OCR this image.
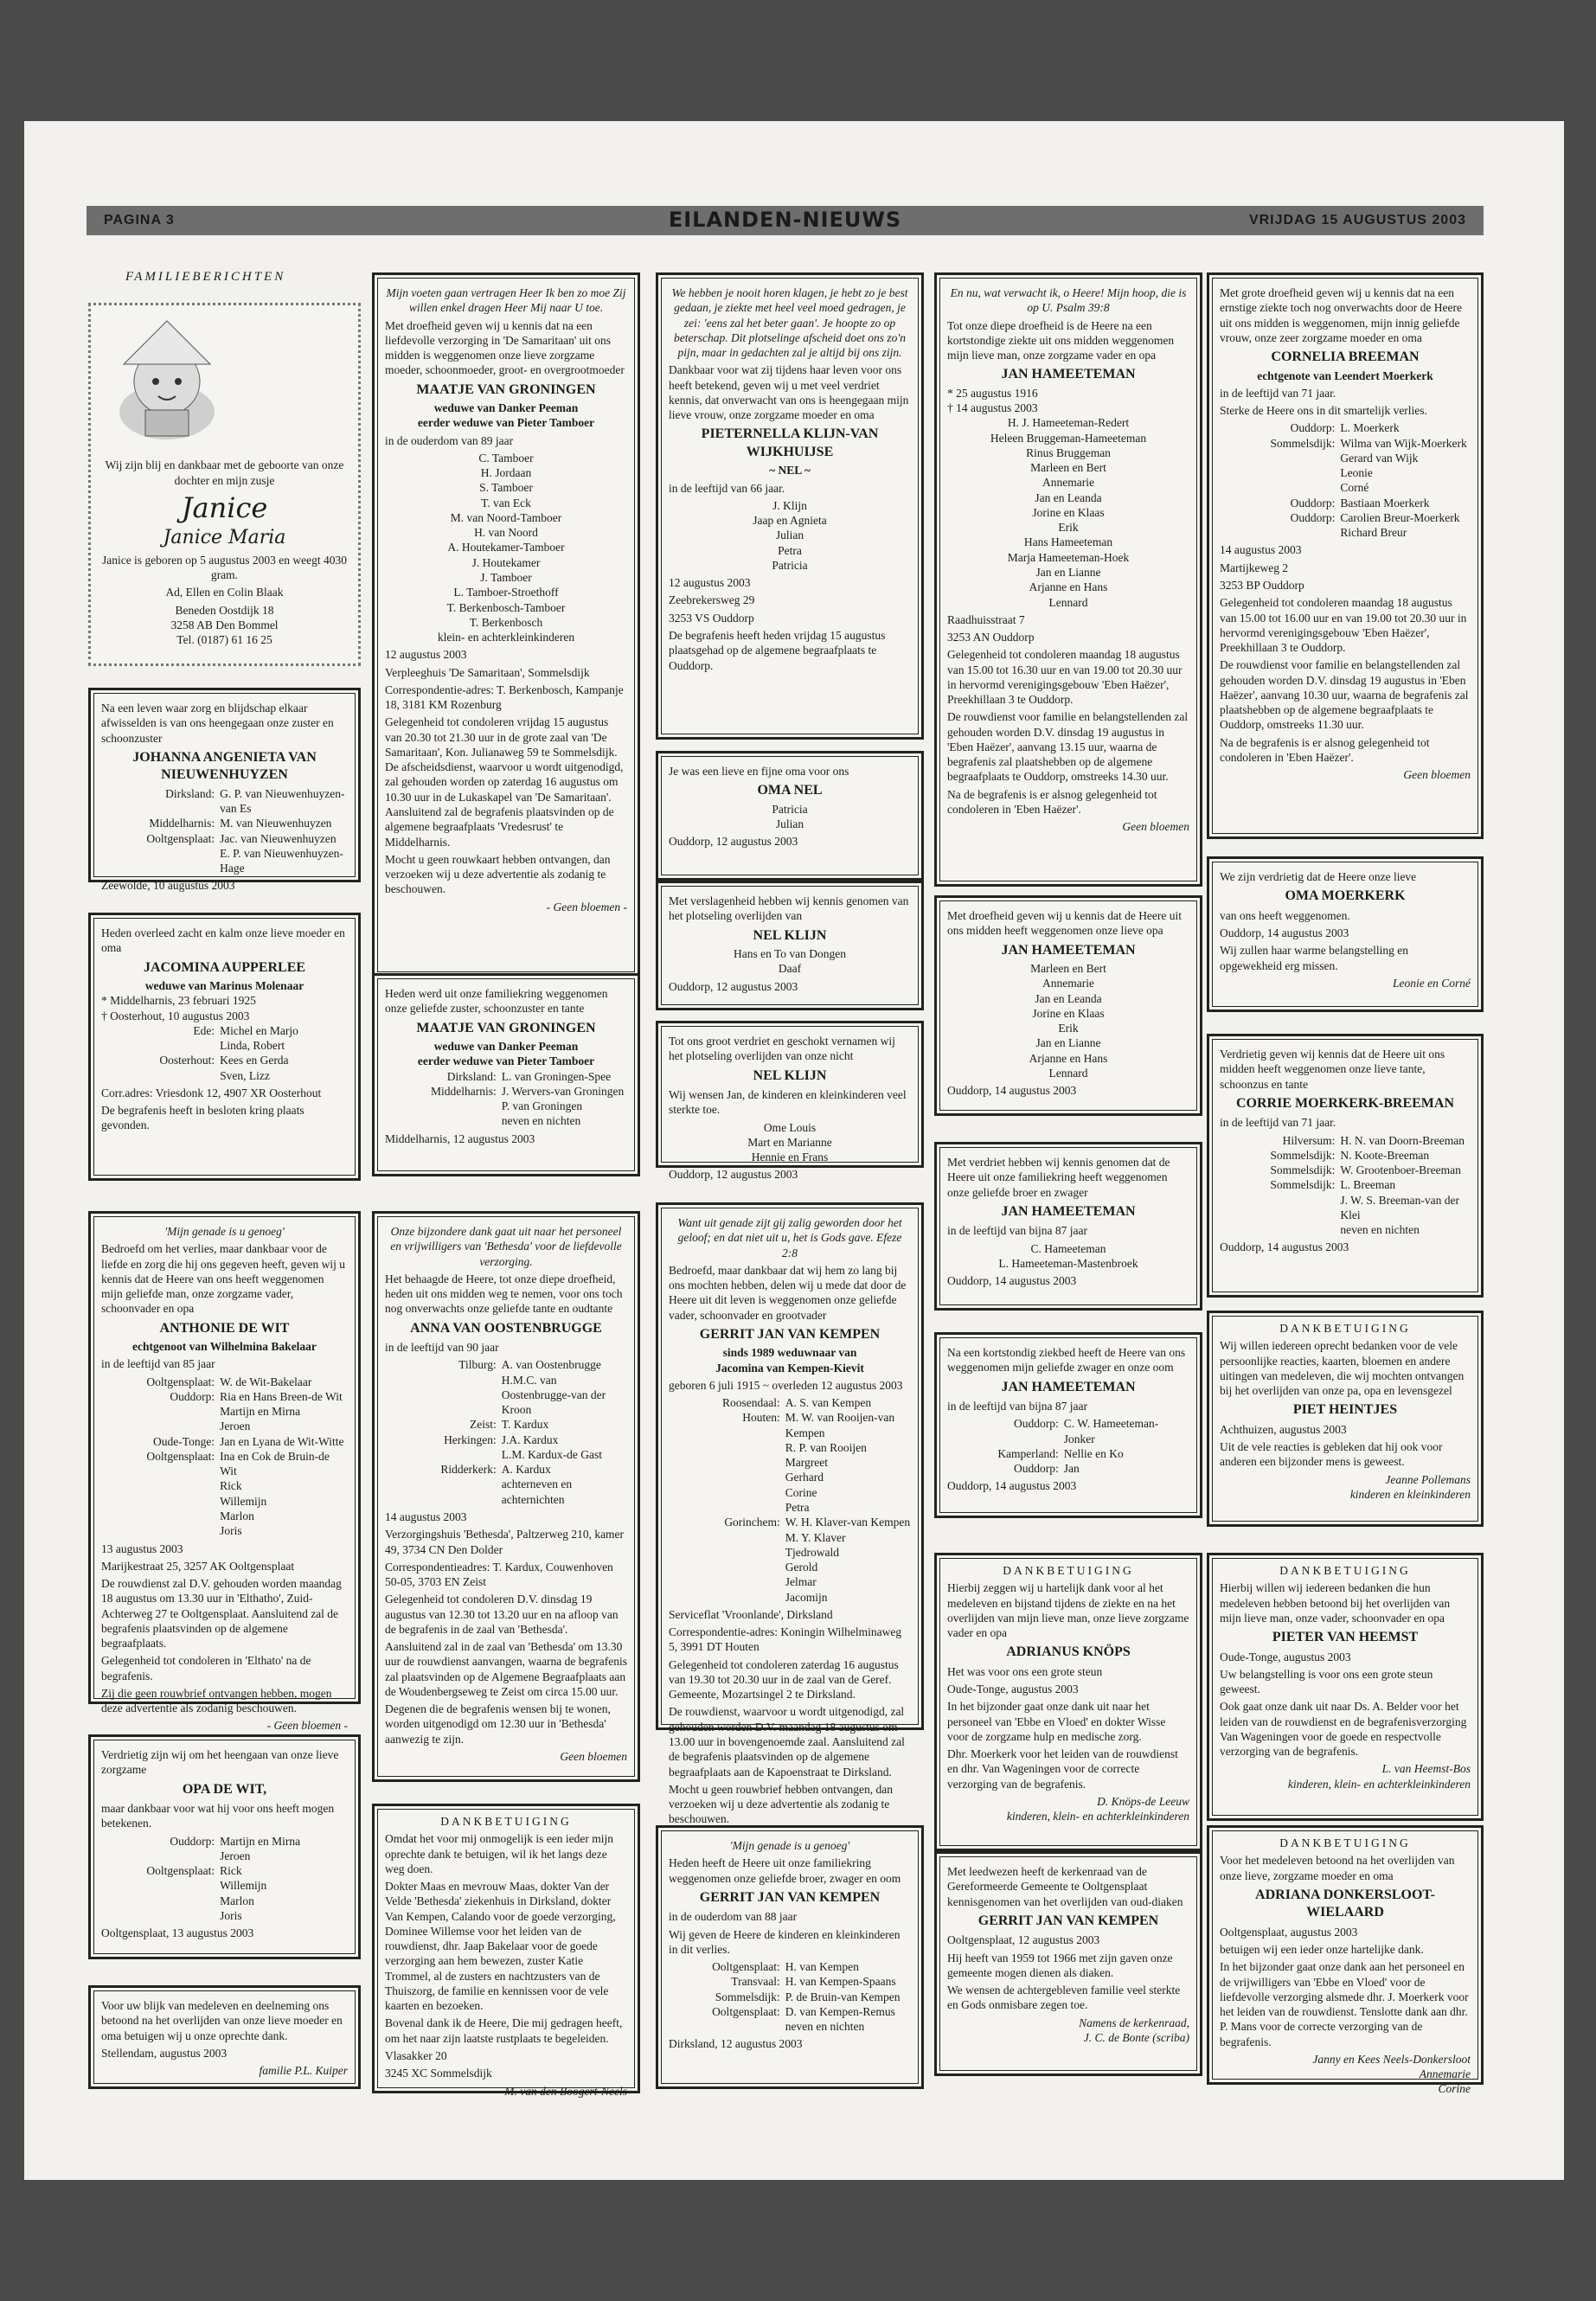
PAGINA 3	EILANDEN-NIEUWS	VRIJDAG 15 AUGUSTUS 2003
FAMILIEBERICHTEN
Wij zijn blij en dankbaar met de geboorte van onze dochter en mijn zusje
Janice
Janice Maria
Janice is geboren op 5 augustus 2003 en weegt 4030 gram.
Ad, Ellen en Colin Blaak
Beneden Oostdijk 18
3258 AB Den Bommel
Tel. (0187) 61 16 25
Na een leven waar zorg en blijdschap elkaar afwisselden is van ons heengegaan onze zuster en schoonzuster
JOHANNA ANGENIETA VAN NIEUWENHUYZEN
Dirksland: G. P. van Nieuwenhuyzen-van Es
Middelharnis: M. van Nieuwenhuyzen
Ooltgensplaat: Jac. van Nieuwenhuyzen
E. P. van Nieuwenhuyzen-Hage
Zeewolde, 10 augustus 2003
Heden overleed zacht en kalm onze lieve moeder en oma
JACOMINA AUPPERLEE
weduwe van Marinus Molenaar
* Middelharnis, 23 februari 1925
† Oosterhout, 10 augustus 2003
Ede: Michel en Marjo
Linda, Robert
Oosterhout: Kees en Gerda
Sven, Lizz
Corr.adres: Vriesdonk 12, 4907 XR Oosterhout
De begrafenis heeft in besloten kring plaats gevonden.
'Mijn genade is u genoeg'
Bedroefd om het verlies, maar dankbaar voor de liefde en zorg die hij ons gegeven heeft, geven wij u kennis dat de Heere van ons heeft weggenomen mijn geliefde man, onze zorgzame vader, schoonvader en opa
ANTHONIE DE WIT
echtgenoot van Wilhelmina Bakelaar
in de leeftijd van 85 jaar
Ooltgensplaat: W. de Wit-Bakelaar
Ouddorp: Ria en Hans Breen-de Wit
Martijn en Mirna
Jeroen
Oude-Tonge: Jan en Lyana de Wit-Witte
Ooltgensplaat: Ina en Cok de Bruin-de Wit
Rick
Willemijn
Marlon
Joris
13 augustus 2003
Marijkestraat 25, 3257 AK Ooltgensplaat
De rouwdienst zal D.V. gehouden worden maandag 18 augustus om 13.30 uur in 'Elthatho', Zuid-Achterweg 27 te Ooltgensplaat. Aansluitend zal de begrafenis plaatsvinden op de algemene begraafplaats.
Gelegenheid tot condoleren in 'Elthato' na de begrafenis.
Zij die geen rouwbrief ontvangen hebben, mogen deze advertentie als zodanig beschouwen.
- Geen bloemen -
Verdrietig zijn wij om het heengaan van onze lieve zorgzame
OPA DE WIT,
maar dankbaar voor wat hij voor ons heeft mogen betekenen.
Ouddorp: Martijn en Mirna
Jeroen
Ooltgensplaat: Rick
Willemijn
Marlon
Joris
Ooltgensplaat, 13 augustus 2003
Voor uw blijk van medeleven en deelneming ons betoond na het overlijden van onze lieve moeder en oma betuigen wij u onze oprechte dank.
Stellendam, augustus 2003
familie P.L. Kuiper
Mijn voeten gaan vertragen Heer Ik ben zo moe Zij willen enkel dragen Heer Mij naar U toe.
Met droefheid geven wij u kennis dat na een liefdevolle verzorging in 'De Samaritaan' uit ons midden is weggenomen onze lieve zorgzame moeder, schoonmoeder, groot- en overgrootmoeder
MAATJE VAN GRONINGEN
weduwe van Danker Peeman
eerder weduwe van Pieter Tamboer
in de ouderdom van 89 jaar
C. Tamboer
H. Jordaan
S. Tamboer
T. van Eck
M. van Noord-Tamboer
H. van Noord
A. Houtekamer-Tamboer
J. Houtekamer
J. Tamboer
L. Tamboer-Stroethoff
T. Berkenbosch-Tamboer
T. Berkenbosch
klein- en achterkleinkinderen
12 augustus 2003
Verpleeghuis 'De Samaritaan', Sommelsdijk
Correspondentie-adres: T. Berkenbosch, Kampanje 18, 3181 KM Rozenburg
Gelegenheid tot condoleren vrijdag 15 augustus van 20.30 tot 21.30 uur in de grote zaal van 'De Samaritaan', Kon. Julianaweg 59 te Sommelsdijk. De afscheidsdienst, waarvoor u wordt uitgenodigd, zal gehouden worden op zaterdag 16 augustus om 10.30 uur in de Lukaskapel van 'De Samaritaan'. Aansluitend zal de begrafenis plaatsvinden op de algemene begraafplaats 'Vredesrust' te Middelharnis.
Mocht u geen rouwkaart hebben ontvangen, dan verzoeken wij u deze advertentie als zodanig te beschouwen.
- Geen bloemen -
Heden werd uit onze familiekring weggenomen onze geliefde zuster, schoonzuster en tante
MAATJE VAN GRONINGEN
weduwe van Danker Peeman
eerder weduwe van Pieter Tamboer
Dirksland: L. van Groningen-Spee
Middelharnis: J. Wervers-van Groningen
P. van Groningen
neven en nichten
Middelharnis, 12 augustus 2003
Onze bijzondere dank gaat uit naar het personeel en vrijwilligers van 'Bethesda' voor de liefdevolle verzorging.
Het behaagde de Heere, tot onze diepe droefheid, heden uit ons midden weg te nemen, voor ons toch nog onverwachts onze geliefde tante en oudtante
ANNA VAN OOSTENBRUGGE
in de leeftijd van 90 jaar
Tilburg: A. van Oostenbrugge
H.M.C. van Oostenbrugge-van der Kroon
Zeist: T. Kardux
Herkingen: J.A. Kardux
L.M. Kardux-de Gast
Ridderkerk: A. Kardux
achterneven en achternichten
14 augustus 2003
Verzorgingshuis 'Bethesda', Paltzerweg 210, kamer 49, 3734 CN Den Dolder
Correspondentieadres: T. Kardux, Couwenhoven 50-05, 3703 EN Zeist
Gelegenheid tot condoleren D.V. dinsdag 19 augustus van 12.30 tot 13.20 uur en na afloop van de begrafenis in de zaal van 'Bethesda'.
Aansluitend zal in de zaal van 'Bethesda' om 13.30 uur de rouwdienst aanvangen, waarna de begrafenis zal plaatsvinden op de Algemene Begraafplaats aan de Woudenbergseweg te Zeist om circa 15.00 uur.
Degenen die de begrafenis wensen bij te wonen, worden uitgenodigd om 12.30 uur in 'Bethesda' aanwezig te zijn.
Geen bloemen
DANKBETUIGING
Omdat het voor mij onmogelijk is een ieder mijn oprechte dank te betuigen, wil ik het langs deze weg doen.
Dokter Maas en mevrouw Maas, dokter Van der Velde 'Bethesda' ziekenhuis in Dirksland, dokter Van Kempen, Calando voor de goede verzorging, Dominee Willemse voor het leiden van de rouwdienst, dhr. Jaap Bakelaar voor de goede verzorging aan hem bewezen, zuster Katie Trommel, al de zusters en nachtzusters van de Thuiszorg, de familie en kennissen voor de vele kaarten en bezoeken.
Bovenal dank ik de Heere, Die mij gedragen heeft, om het naar zijn laatste rustplaats te begeleiden.
Vlasakker 20
3245 XC Sommelsdijk
M. van den Boogert-Neels
We hebben je nooit horen klagen, je hebt zo je best gedaan, je ziekte met heel veel moed gedragen, je zei: 'eens zal het beter gaan'. Je hoopte zo op beterschap. Dit plotselinge afscheid doet ons zo'n pijn, maar in gedachten zal je altijd bij ons zijn.
Dankbaar voor wat zij tijdens haar leven voor ons heeft betekend, geven wij u met veel verdriet kennis, dat onverwacht van ons is heengegaan mijn lieve vrouw, onze zorgzame moeder en oma
PIETERNELLA KLIJN-VAN WIJKHUIJSE
~ NEL ~
in de leeftijd van 66 jaar.
J. Klijn
Jaap en Agnieta
Julian
Petra
Patricia
12 augustus 2003
Zeebrekersweg 29
3253 VS Ouddorp
De begrafenis heeft heden vrijdag 15 augustus plaatsgehad op de algemene begraafplaats te Ouddorp.
Je was een lieve en fijne oma voor ons
OMA NEL
Patricia
Julian
Ouddorp, 12 augustus 2003
Met verslagenheid hebben wij kennis genomen van het plotseling overlijden van
NEL KLIJN
Hans en To van Dongen
Daaf
Ouddorp, 12 augustus 2003
Tot ons groot verdriet en geschokt vernamen wij het plotseling overlijden van onze nicht
NEL KLIJN
Wij wensen Jan, de kinderen en kleinkinderen veel sterkte toe.
Ome Louis
Mart en Marianne
Hennie en Frans
Ouddorp, 12 augustus 2003
Want uit genade zijt gij zalig geworden door het geloof; en dat niet uit u, het is Gods gave. Efeze 2:8
Bedroefd, maar dankbaar dat wij hem zo lang bij ons mochten hebben, delen wij u mede dat door de Heere uit dit leven is weggenomen onze geliefde vader, schoonvader en grootvader
GERRIT JAN VAN KEMPEN
sinds 1989 weduwnaar van
Jacomina van Kempen-Kievit
geboren 6 juli 1915 ~ overleden 12 augustus 2003
Roosendaal: A. S. van Kempen
Houten: M. W. van Rooijen-van Kempen
R. P. van Rooijen
Margreet
Gerhard
Corine
Petra
Gorinchem: W. H. Klaver-van Kempen
M. Y. Klaver
Tjedrowald
Gerold
Jelmar
Jacomijn
Serviceflat 'Vroonlande', Dirksland
Correspondentie-adres: Koningin Wilhelminaweg 5, 3991 DT Houten
Gelegenheid tot condoleren zaterdag 16 augustus van 19.30 tot 20.30 uur in de zaal van de Geref. Gemeente, Mozartsingel 2 te Dirksland.
De rouwdienst, waarvoor u wordt uitgenodigd, zal gehouden worden D.V. maandag 18 augustus om 13.00 uur in bovengenoemde zaal. Aansluitend zal de begrafenis plaatsvinden op de algemene begraafplaats aan de Kapoenstraat te Dirksland.
Mocht u geen rouwbrief hebben ontvangen, dan verzoeken wij u deze advertentie als zodanig te beschouwen.
'Mijn genade is u genoeg'
Heden heeft de Heere uit onze familiekring weggenomen onze geliefde broer, zwager en oom
GERRIT JAN VAN KEMPEN
in de ouderdom van 88 jaar
Wij geven de Heere de kinderen en kleinkinderen in dit verlies.
Ooltgensplaat: H. van Kempen
Transvaal: H. van Kempen-Spaans
Sommelsdijk: P. de Bruin-van Kempen
Ooltgensplaat: D. van Kempen-Remus
neven en nichten
Dirksland, 12 augustus 2003
En nu, wat verwacht ik, o Heere! Mijn hoop, die is op U. Psalm 39:8
Tot onze diepe droefheid is de Heere na een kortstondige ziekte uit ons midden weggenomen mijn lieve man, onze zorgzame vader en opa
JAN HAMEETEMAN
* 25 augustus 1916
† 14 augustus 2003
H. J. Hameeteman-Redert
Heleen Bruggeman-Hameeteman
Rinus Bruggeman
Marleen en Bert
Annemarie
Jan en Leanda
Jorine en Klaas
Erik
Hans Hameeteman
Marja Hameeteman-Hoek
Jan en Lianne
Arjanne en Hans
Lennard
Raadhuisstraat 7
3253 AN Ouddorp
Gelegenheid tot condoleren maandag 18 augustus van 15.00 tot 16.30 uur en van 19.00 tot 20.30 uur in hervormd verenigingsgebouw 'Eben Haëzer', Preekhillaan 3 te Ouddorp.
De rouwdienst voor familie en belangstellenden zal gehouden worden D.V. dinsdag 19 augustus in 'Eben Haëzer', aanvang 13.15 uur, waarna de begrafenis zal plaatshebben op de algemene begraafplaats te Ouddorp, omstreeks 14.30 uur.
Na de begrafenis is er alsnog gelegenheid tot condoleren in 'Eben Haëzer'.
Geen bloemen
Met droefheid geven wij u kennis dat de Heere uit ons midden heeft weggenomen onze lieve opa
JAN HAMEETEMAN
Marleen en Bert
Annemarie
Jan en Leanda
Jorine en Klaas
Erik
Jan en Lianne
Arjanne en Hans
Lennard
Ouddorp, 14 augustus 2003
Met verdriet hebben wij kennis genomen dat de Heere uit onze familiekring heeft weggenomen onze geliefde broer en zwager
JAN HAMEETEMAN
in de leeftijd van bijna 87 jaar
C. Hameeteman
L. Hameeteman-Mastenbroek
Ouddorp, 14 augustus 2003
Na een kortstondig ziekbed heeft de Heere van ons weggenomen mijn geliefde zwager en onze oom
JAN HAMEETEMAN
in de leeftijd van bijna 87 jaar
Ouddorp: C. W. Hameeteman-Jonker
Kamperland: Nellie en Ko
Ouddorp: Jan
Ouddorp, 14 augustus 2003
DANKBETUIGING
Hierbij zeggen wij u hartelijk dank voor al het medeleven en bijstand tijdens de ziekte en na het overlijden van mijn lieve man, onze lieve zorgzame vader en opa
ADRIANUS KNÖPS
Het was voor ons een grote steun
Oude-Tonge, augustus 2003
In het bijzonder gaat onze dank uit naar het personeel van 'Ebbe en Vloed' en dokter Wisse voor de zorgzame hulp en medische zorg.
Dhr. Moerkerk voor het leiden van de rouwdienst en dhr. Van Wageningen voor de correcte verzorging van de begrafenis.
D. Knöps-de Leeuw
kinderen, klein- en achterkleinkinderen
Met leedwezen heeft de kerkenraad van de Gereformeerde Gemeente te Ooltgensplaat kennisgenomen van het overlijden van oud-diaken
GERRIT JAN VAN KEMPEN
Ooltgensplaat, 12 augustus 2003
Hij heeft van 1959 tot 1966 met zijn gaven onze gemeente mogen dienen als diaken.
We wensen de achtergebleven familie veel sterkte en Gods onmisbare zegen toe.
Namens de kerkenraad,
J. C. de Bonte (scriba)
Met grote droefheid geven wij u kennis dat na een ernstige ziekte toch nog onverwachts door de Heere uit ons midden is weggenomen, mijn innig geliefde vrouw, onze zeer zorgzame moeder en oma
CORNELIA BREEMAN
echtgenote van Leendert Moerkerk
in de leeftijd van 71 jaar.
Sterke de Heere ons in dit smartelijk verlies.
Ouddorp: L. Moerkerk
Sommelsdijk: Wilma van Wijk-Moerkerk
Gerard van Wijk
Leonie
Corné
Ouddorp: Bastiaan Moerkerk
Ouddorp: Carolien Breur-Moerkerk
Richard Breur
14 augustus 2003
Martijkeweg 2
3253 BP Ouddorp
Gelegenheid tot condoleren maandag 18 augustus van 15.00 tot 16.00 uur en van 19.00 tot 20.30 uur in hervormd verenigingsgebouw 'Eben Haëzer', Preekhillaan 3 te Ouddorp.
De rouwdienst voor familie en belangstellenden zal gehouden worden D.V. dinsdag 19 augustus in 'Eben Haëzer', aanvang 10.30 uur, waarna de begrafenis zal plaatshebben op de algemene begraafplaats te Ouddorp, omstreeks 11.30 uur.
Na de begrafenis is er alsnog gelegenheid tot condoleren in 'Eben Haëzer'.
Geen bloemen
We zijn verdrietig dat de Heere onze lieve
OMA MOERKERK
van ons heeft weggenomen.
Ouddorp, 14 augustus 2003
Wij zullen haar warme belangstelling en opgewekheid erg missen.
Leonie en Corné
Verdrietig geven wij kennis dat de Heere uit ons midden heeft weggenomen onze lieve tante, schoonzus en tante
CORRIE MOERKERK-BREEMAN
in de leeftijd van 71 jaar.
Hilversum: H. N. van Doorn-Breeman
Sommelsdijk: N. Koote-Breeman
Sommelsdijk: W. Grootenboer-Breeman
Sommelsdijk: L. Breeman
J. W. S. Breeman-van der Klei
neven en nichten
Ouddorp, 14 augustus 2003
DANKBETUIGING
Wij willen iedereen oprecht bedanken voor de vele persoonlijke reacties, kaarten, bloemen en andere uitingen van medeleven, die wij mochten ontvangen bij het overlijden van onze pa, opa en levensgezel
PIET HEINTJES
Achthuizen, augustus 2003
Uit de vele reacties is gebleken dat hij ook voor anderen een bijzonder mens is geweest.
Jeanne Pollemans
kinderen en kleinkinderen
DANKBETUIGING
Hierbij willen wij iedereen bedanken die hun medeleven hebben betoond bij het overlijden van mijn lieve man, onze vader, schoonvader en opa
PIETER VAN HEEMST
Oude-Tonge, augustus 2003
Uw belangstelling is voor ons een grote steun geweest.
Ook gaat onze dank uit naar Ds. A. Belder voor het leiden van de rouwdienst en de begrafenisverzorging Van Wageningen voor de goede en respectvolle verzorging van de begrafenis.
L. van Heemst-Bos
kinderen, klein- en achterkleinkinderen
DANKBETUIGING
Voor het medeleven betoond na het overlijden van onze lieve, zorgzame moeder en oma
ADRIANA DONKERSLOOT-WIELAARD
Ooltgensplaat, augustus 2003
betuigen wij een ieder onze hartelijke dank.
In het bijzonder gaat onze dank aan het personeel en de vrijwilligers van 'Ebbe en Vloed' voor de liefdevolle verzorging alsmede dhr. J. Moerkerk voor het leiden van de rouwdienst. Tenslotte dank aan dhr. P. Mans voor de correcte verzorging van de begrafenis.
Janny en Kees Neels-Donkersloot
Annemarie
Corine
